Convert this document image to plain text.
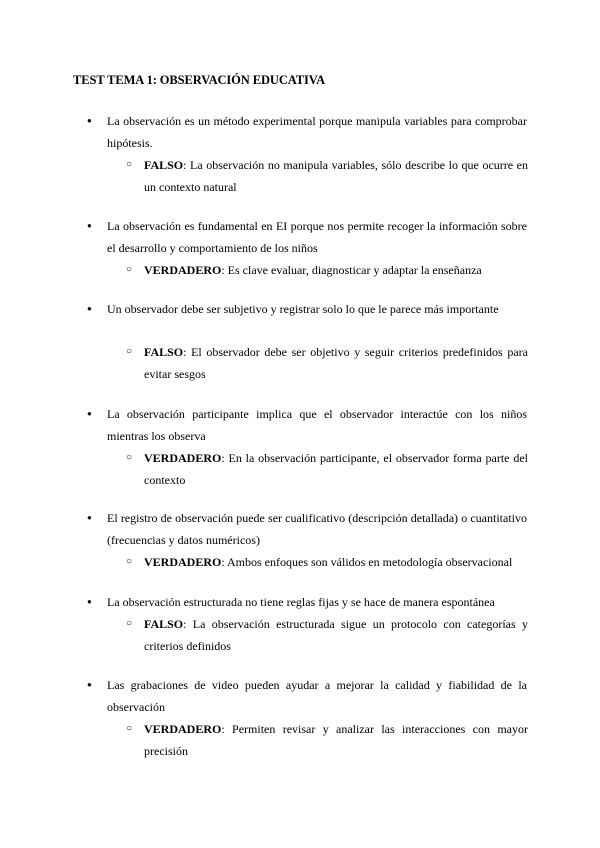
TEST TEMA 1: OBSERVACIÓN EDUCATIVA
● La observación es un método experimental porque manipula variables para comprobar hipótesis.
○ FALSO: La observación no manipula variables, sólo describe lo que ocurre en un contexto natural
● La observación es fundamental en EI porque nos permite recoger la información sobre el desarrollo y comportamiento de los niños
○ VERDADERO: Es clave evaluar, diagnosticar y adaptar la enseñanza
● Un observador debe ser subjetivo y registrar solo lo que le parece más importante
○ FALSO: El observador debe ser objetivo y seguir criterios predefinidos para evitar sesgos
● La observación participante implica que el observador interactúe con los niños mientras los observa
○ VERDADERO: En la observación participante, el observador forma parte del contexto
● El registro de observación puede ser cualificativo (descripción detallada) o cuantitativo (frecuencias y datos numéricos)
○ VERDADERO: Ambos enfoques son válidos en metodología observacional
● La observación estructurada no tiene reglas fijas y se hace de manera espontánea
○ FALSO: La observación estructurada sigue un protocolo con categorías y criterios definidos
● Las grabaciones de video pueden ayudar a mejorar la calidad y fiabilidad de la observación
○ VERDADERO: Permiten revisar y analizar las interacciones con mayor precisión
